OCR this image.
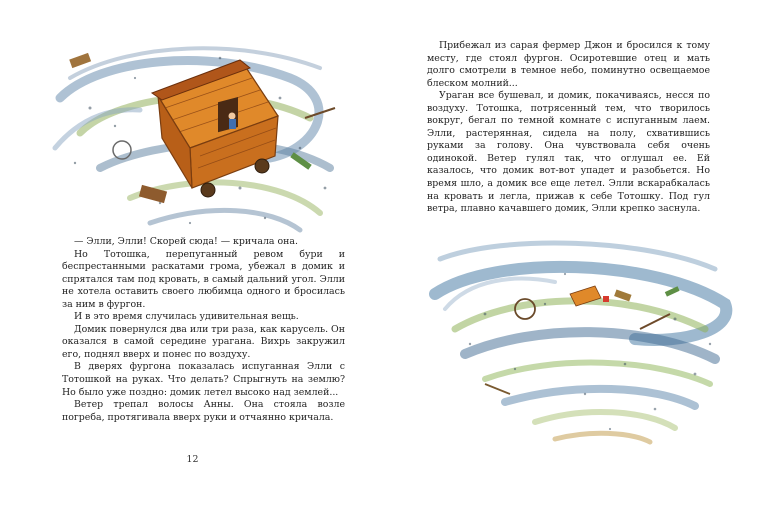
— Элли, Элли! Скорей сюда! — кричала она.

Но Тотошка, перепуганный ревом бури и беспрестанными раскатами грома, убежал в домик и спрятался там под кровать, в самый дальний угол. Элли не хотела оставить своего любимца одного и бросилась за ним в фургон.

И в это время случилась удивительная вещь.

Домик повернулся два или три раза, как карусель. Он оказался в самой середине урагана. Вихрь закружил его, поднял вверх и понес по воздуху.

В дверях фургона показалась испуганная Элли с Тотошкой на руках. Что делать? Спрыгнуть на землю? Но было уже поздно: домик летел высоко над землей...

Ветер трепал волосы Анны. Она стояла возле погреба, протягивала вверх руки и отчаянно кричала.

12

Прибежал из сарая фермер Джон и бросился к тому месту, где стоял фургон. Осиротевшие отец и мать долго смотрели в темное небо, поминутно освещаемое блеском молний...

Ураган все бушевал, и домик, покачиваясь, несся по воздуху. Тотошка, потрясенный тем, что творилось вокруг, бегал по темной комнате с испуганным лаем. Элли, растерянная, сидела на полу, схватившись руками за голову. Она чувствовала себя очень одинокой. Ветер гулял так, что оглушал ее. Ей казалось, что домик вот-вот упадет и разобьется. Но время шло, а домик все еще летел. Элли вскарабкалась на кровать и легла, прижав к себе Тотошку. Под гул ветра, плавно качавшего домик, Элли крепко заснула.
